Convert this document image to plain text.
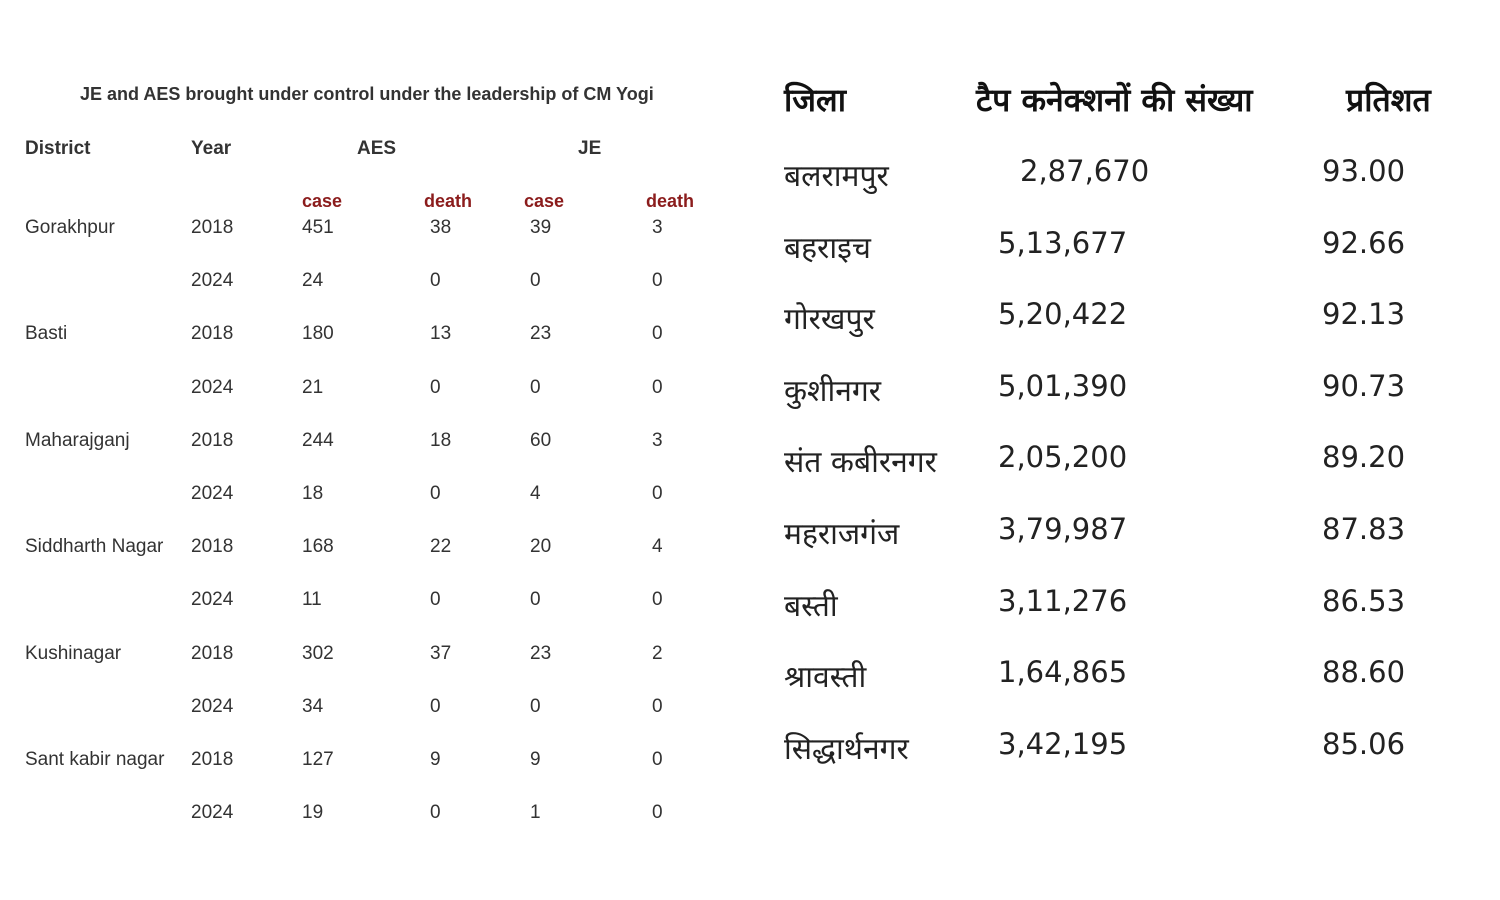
JE and AES brought under control under the leadership of CM Yogi
District	Year	AES	JE
case	death	case	death
Gorakhpur	2018	451	38	39	3
2024	24	0	0	0
Basti	2018	180	13	23	0
2024	21	0	0	0
Maharajganj	2018	244	18	60	3
2024	18	0	4	0
Siddharth Nagar 2018	168	22	20	4
2024	11	0	0	0
Kushinagar	2018	302	37	23	2
2024	34	0	0	0
Sant kabir nagar 2018	127	9	9	0
2024	19	0	1	0
जिला	टैप कनेक्शनों की संख्या	प्रतिशत
बलरामपुर	2,87,670	93.00
बहराइच	5,13,677	92.66
गोरखपुर	5,20,422	92.13
कुशीनगर	5,01,390	90.73
संत कबीरनगर 2,05,200	89.20
महराजगंज	3,79,987	87.83
बस्ती	3,11,276	86.53
श्रावस्ती	1,64,865	88.60
सिद्धार्थनगर	3,42,195	85.06
